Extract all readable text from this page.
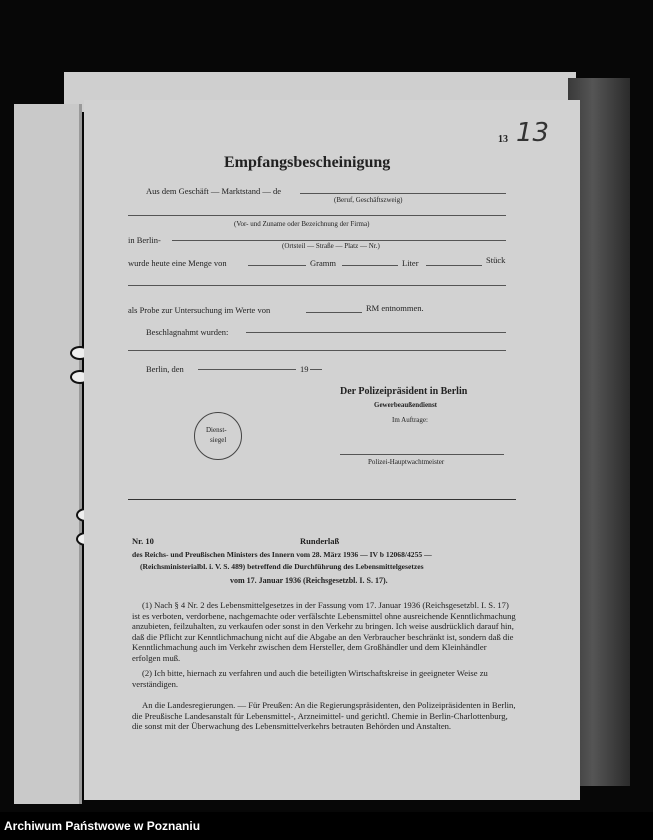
13 13
Empfangsbescheinigung
Aus dem Geschäft — Marktstand — de
(Beruf, Geschäftszweig)
(Vor- und Zuname oder Bezeichnung der Firma)
in Berlin-
(Ortsteil — Straße — Platz — Nr.)
wurde heute eine Menge von	Gramm	Liter	Stück
als Probe zur Untersuchung im Werte von	RM entnommen.
Beschlagnahmt wurden:
Berlin, den	19
Der Polizeipräsident in Berlin
Gewerbeaußendienst
Im Auftrage:
Dienst-
siegel
Polizei-Hauptwachtmeister
Nr. 10	Runderlaß
des Reichs- und Preußischen Ministers des Innern vom 28. März 1936 — IV b 12068/4255 —
(Reichsministerialbl. i. V. S. 489) betreffend die Durchführung des Lebensmittelgesetzes
vom 17. Januar 1936 (Reichsgesetzbl. I. S. 17).
(1) Nach § 4 Nr. 2 des Lebensmittelgesetzes in der Fassung vom 17. Januar 1936 (Reichsgesetzbl. I. S. 17) ist es verboten, verdorbene, nachgemachte oder verfälschte Lebensmittel ohne ausreichende Kenntlichmachung anzubieten, feilzuhalten, zu verkaufen oder sonst in den Verkehr zu bringen. Ich weise ausdrücklich darauf hin, daß die Pflicht zur Kenntlichmachung nicht auf die Abgabe an den Verbraucher beschränkt ist, sondern daß die Kenntlichmachung auch im Verkehr zwischen dem Hersteller, dem Großhändler und dem Kleinhändler erfolgen muß.
(2) Ich bitte, hiernach zu verfahren und auch die beteiligten Wirtschaftskreise in geeigneter Weise zu verständigen.
An die Landesregierungen. — Für Preußen: An die Regierungspräsidenten, den Polizeipräsidenten in Berlin, die Preußische Landesanstalt für Lebensmittel-, Arzneimittel- und gerichtl. Chemie in Berlin-Charlottenburg, die sonst mit der Überwachung des Lebensmittelverkehrs betrauten Behörden und Anstalten.
Archiwum Państwowe w Poznaniu
